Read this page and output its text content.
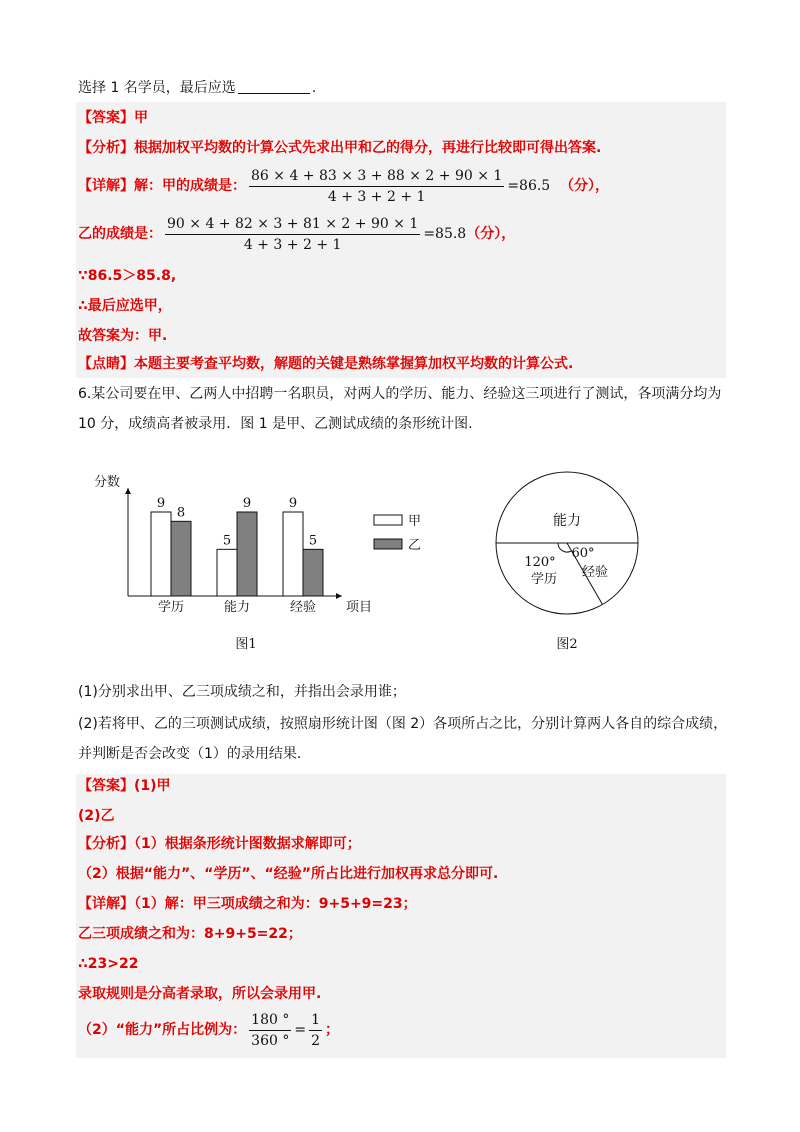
选择 1 名学员，最后应选	.
【答案】甲
【分析】根据加权平均数的计算公式先求出甲和乙的得分，再进行比较即可得出答案.
【详解】解：甲的成绩是： $\frac{86 \times 4 + 83 \times 3 + 88 \times 2 + 90 \times 1}{4 + 3 + 2 + 1} =86.5$ （分），
乙的成绩是： $\frac{90 \times 4 + 82 \times 3 + 81 \times 2 + 90 \times 1}{4 + 3 + 2 + 1} =85.8$（分），
∵86.5＞85.8,
∴最后应选甲，
故答案为：甲.
【点睛】本题主要考查平均数，解题的关键是熟练掌握算加权平均数的计算公式.
6.某公司要在甲、乙两人中招聘一名职员，对两人的学历、能力、经验这三项进行了测试，各项满分均为
10 分，成绩高者被录用．图 1 是甲、乙测试成绩的条形统计图.
分数
项目
9
8
学历
5
9
能力
9
5
经验
甲
乙
图1
能力
120°
学历
60°
经验
图2
(1)分别求出甲、乙三项成绩之和，并指出会录用谁；
(2)若将甲、乙的三项测试成绩，按照扇形统计图（图 2）各项所占之比，分别计算两人各自的综合成绩，
并判断是否会改变（1）的录用结果.
【答案】(1)甲
(2)乙
【分析】（1）根据条形统计图数据求解即可；
（2）根据“能力”、“学历”、“经验”所占比进行加权再求总分即可.
【详解】（1）解：甲三项成绩之和为：9+5+9=23；
乙三项成绩之和为：8+9+5=22；
∴23>22
录取规则是分高者录取，所以会录用甲.
（2）“能力”所占比例为： $\frac{180 ^\circ}{360 ^\circ} = \frac{1}{2}$ ；
